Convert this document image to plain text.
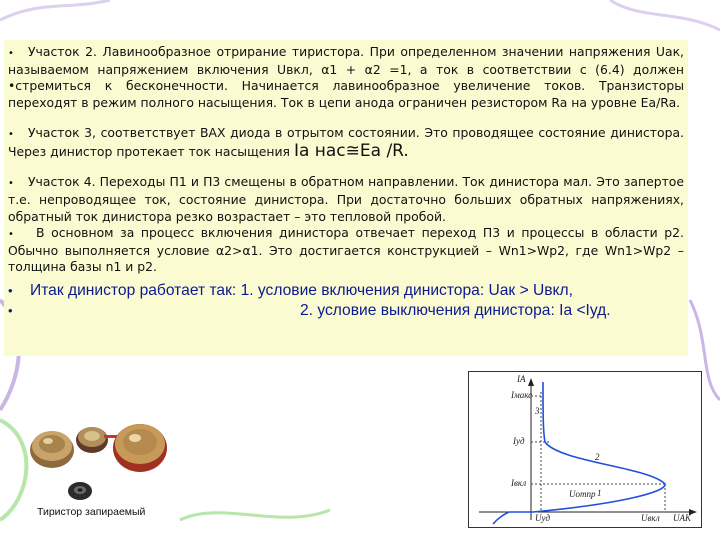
• Участок 2. Лавинообразное отрирание тиристора. При определенном значении напряжения Uак, называемом напряжением включения Uвкл, α1 + α2 =1, а ток в соответствии с (6.4) должен •стремиться к бесконечности. Начинается лавинообразное увеличение токов. Транзисторы переходят в режим полного насыщения. Ток в цепи анода ограничен резистором Ra на уровне Ea/Ra.

• Участок 3, соответствует ВАХ диода в отрытом состоянии. Это проводящее состояние динистора. Через динистор протекает ток насыщения Iа нас≅Eа /R.

• Участок 4. Переходы П1 и П3 смещены в обратном направлении. Ток динистора мал. Это запертое т.е. непроводящее ток, состояние динистора. При достаточно больших обратных напряжениях, обратный ток динистора резко возрастает – это тепловой пробой.

• В основном за процесс включения динистора отвечает переход П3 и процессы в области р2. Обычно выполняется условие α2>α1. Это достигается конструкцией – Wn1>Wp2, где Wn1>Wp2 – толщина базы n1 и р2.

• Итак динистор работает так: 1. условие включения динистора: Uак > Uвкл,

•	2. условие выключения динистора: Iа <Iуд.

Тиристор запираемый
IA
Iмакс
Iуд
Iвкл
Uуд
Uотпр
Uвкл UAK
3
2
1
